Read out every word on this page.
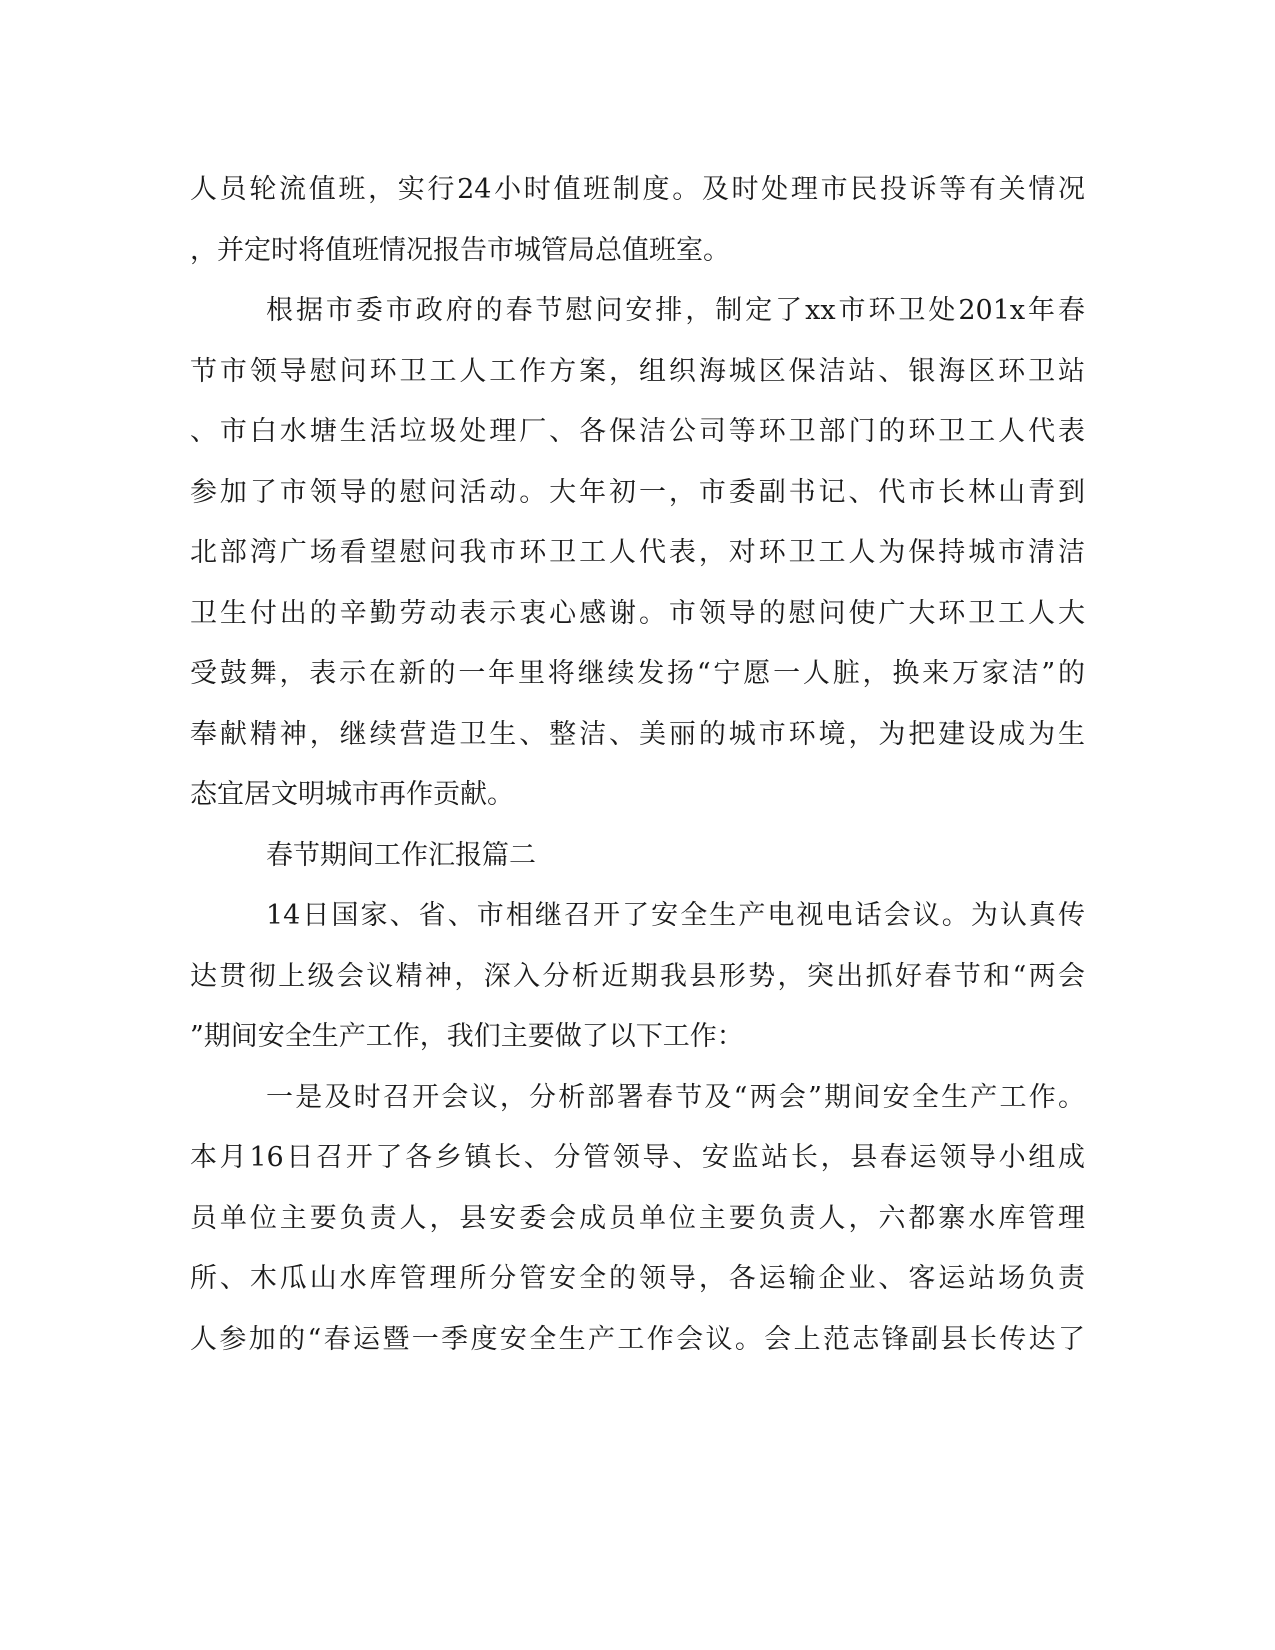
人员轮流值班，实行24小时值班制度。及时处理市民投诉等有关情况
，并定时将值班情况报告市城管局总值班室。
根据市委市政府的春节慰问安排，制定了xx市环卫处201x年春
节市领导慰问环卫工人工作方案，组织海城区保洁站、银海区环卫站
、市白水塘生活垃圾处理厂、各保洁公司等环卫部门的环卫工人代表
参加了市领导的慰问活动。大年初一，市委副书记、代市长林山青到
北部湾广场看望慰问我市环卫工人代表，对环卫工人为保持城市清洁
卫生付出的辛勤劳动表示衷心感谢。市领导的慰问使广大环卫工人大
受鼓舞，表示在新的一年里将继续发扬“宁愿一人脏，换来万家洁”的
奉献精神，继续营造卫生、整洁、美丽的城市环境，为把建设成为生
态宜居文明城市再作贡献。
春节期间工作汇报篇二
14日国家、省、市相继召开了安全生产电视电话会议。为认真传
达贯彻上级会议精神，深入分析近期我县形势，突出抓好春节和“两会
”期间安全生产工作，我们主要做了以下工作：
一是及时召开会议，分析部署春节及“两会”期间安全生产工作。
本月16日召开了各乡镇长、分管领导、安监站长，县春运领导小组成
员单位主要负责人，县安委会成员单位主要负责人，六都寨水库管理
所、木瓜山水库管理所分管安全的领导，各运输企业、客运站场负责
人参加的“春运暨一季度安全生产工作会议。会上范志锋副县长传达了
